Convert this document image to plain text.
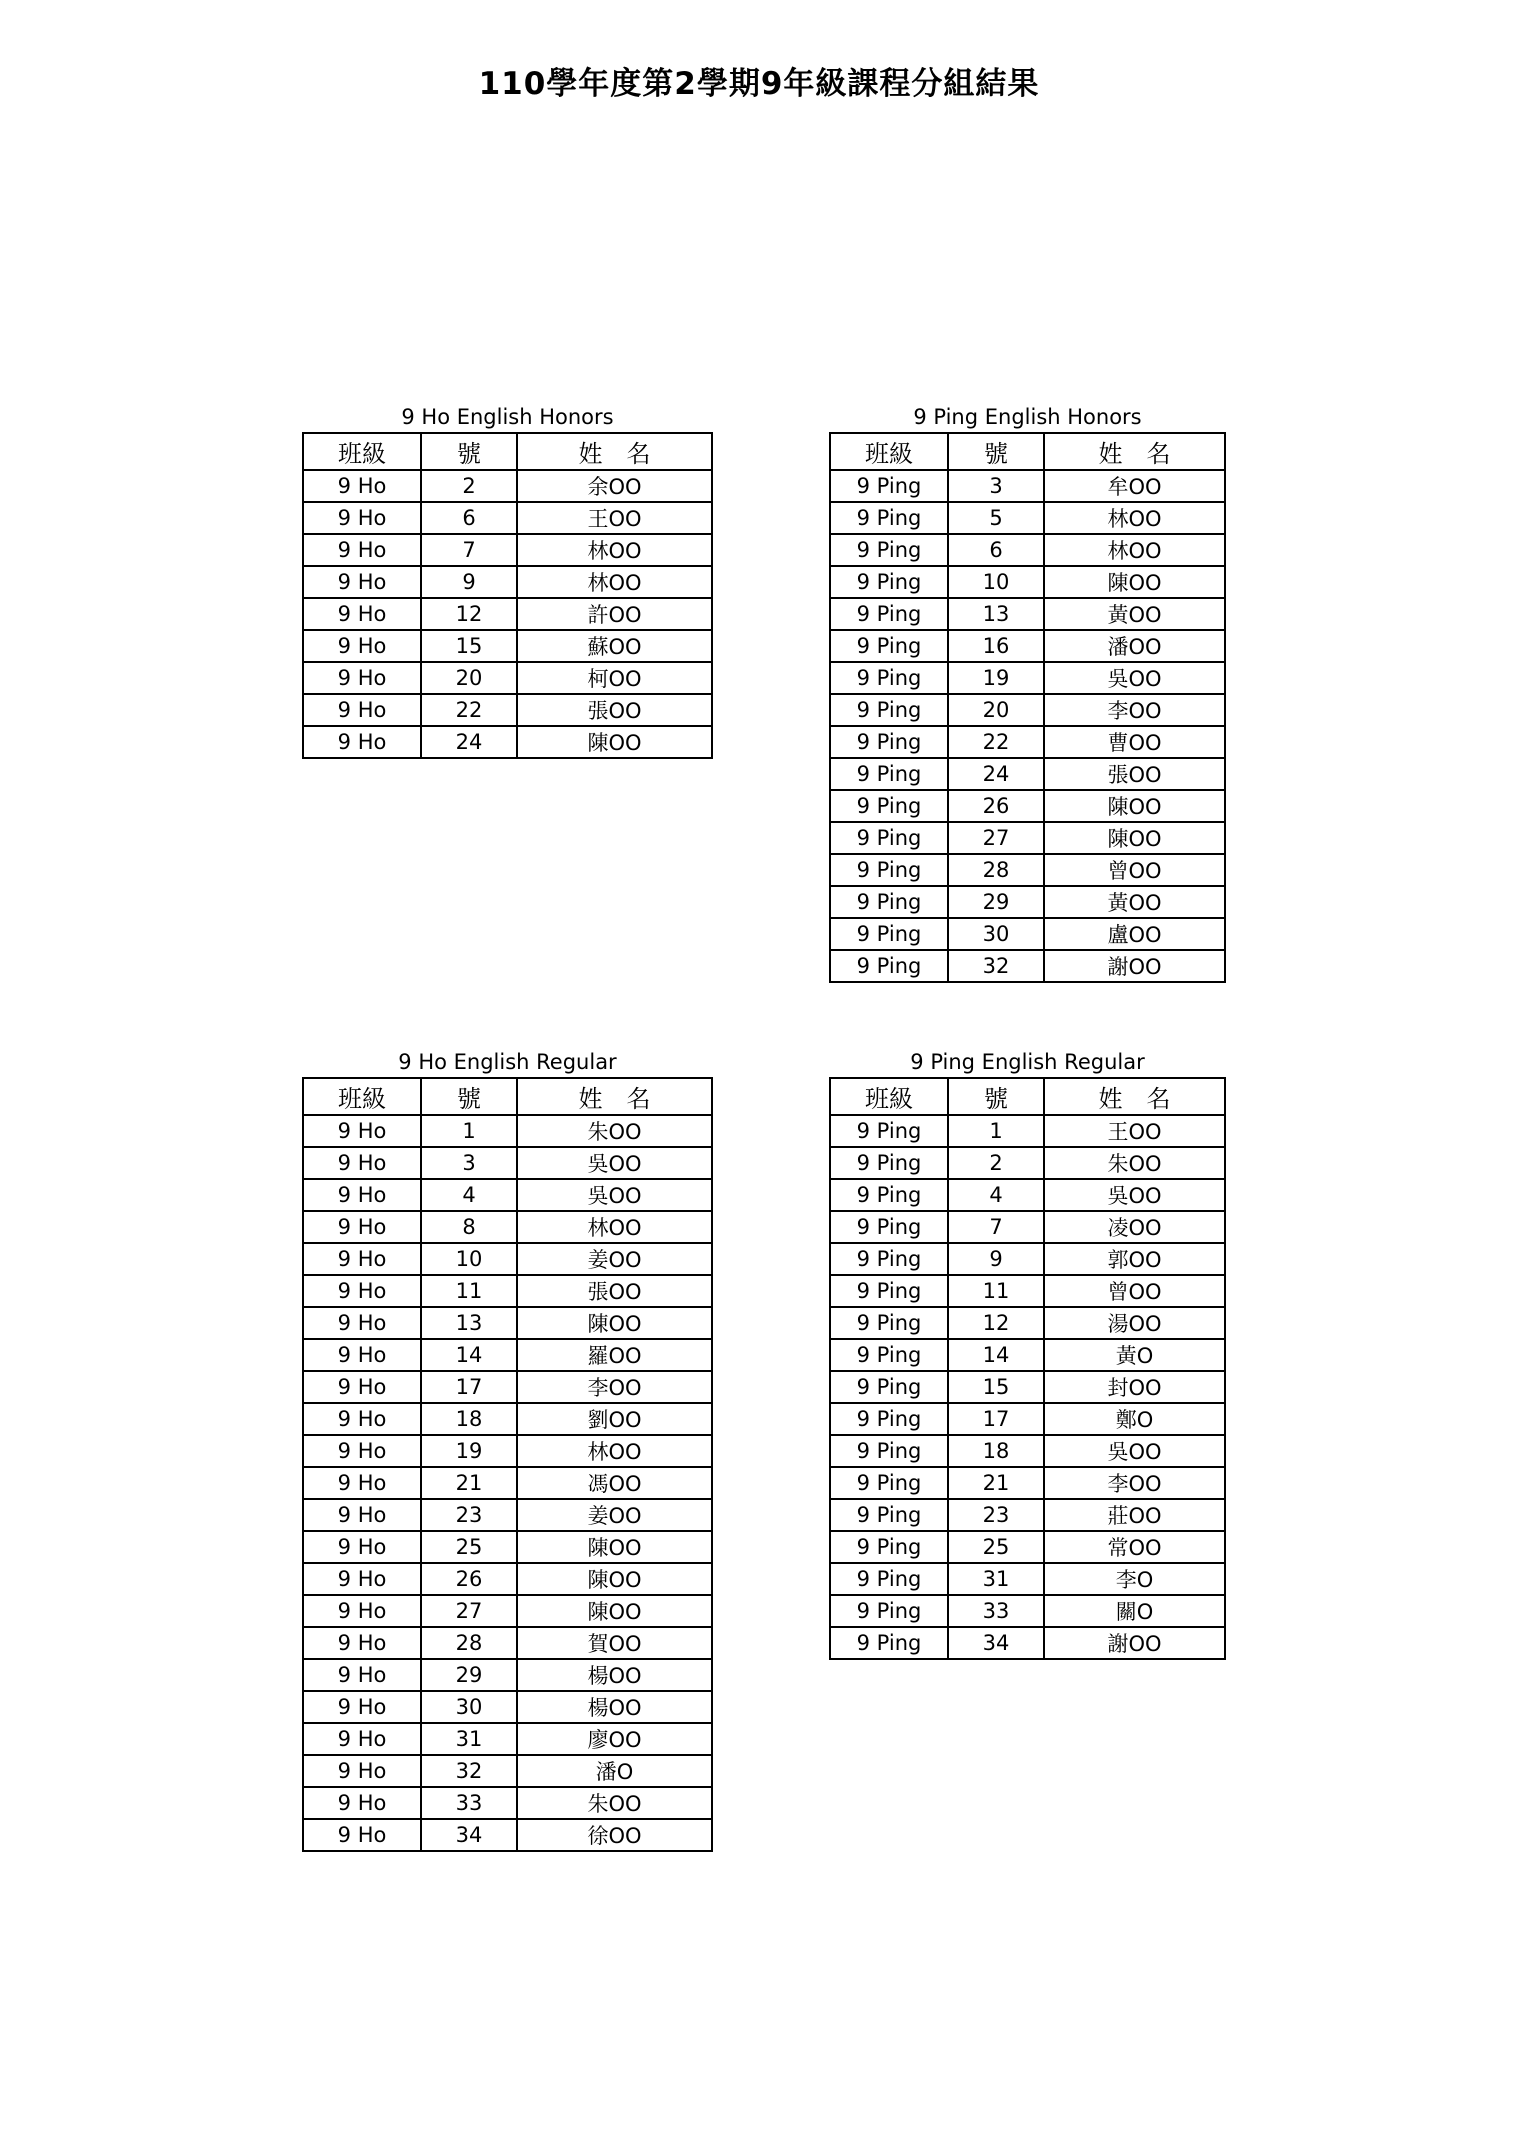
110學年度第2學期9年級課程分組結果
9 Ho English Honors
班級	號	姓　名
9 Ho	2	余OO
9 Ho	6	王OO
9 Ho	7	林OO
9 Ho	9	林OO
9 Ho	12	許OO
9 Ho	15	蘇OO
9 Ho	20	柯OO
9 Ho	22	張OO
9 Ho	24	陳OO
9 Ping English Honors
班級	號	姓　名
9 Ping	3	牟OO
9 Ping	5	林OO
9 Ping	6	林OO
9 Ping	10	陳OO
9 Ping	13	黃OO
9 Ping	16	潘OO
9 Ping	19	吳OO
9 Ping	20	李OO
9 Ping	22	曹OO
9 Ping	24	張OO
9 Ping	26	陳OO
9 Ping	27	陳OO
9 Ping	28	曾OO
9 Ping	29	黃OO
9 Ping	30	盧OO
9 Ping	32	謝OO
9 Ho English Regular
班級	號	姓　名
9 Ho	1	朱OO
9 Ho	3	吳OO
9 Ho	4	吳OO
9 Ho	8	林OO
9 Ho	10	姜OO
9 Ho	11	張OO
9 Ho	13	陳OO
9 Ho	14	羅OO
9 Ho	17	李OO
9 Ho	18	劉OO
9 Ho	19	林OO
9 Ho	21	馮OO
9 Ho	23	姜OO
9 Ho	25	陳OO
9 Ho	26	陳OO
9 Ho	27	陳OO
9 Ho	28	賀OO
9 Ho	29	楊OO
9 Ho	30	楊OO
9 Ho	31	廖OO
9 Ho	32	潘O
9 Ho	33	朱OO
9 Ho	34	徐OO
9 Ping English Regular
班級	號	姓　名
9 Ping	1	王OO
9 Ping	2	朱OO
9 Ping	4	吳OO
9 Ping	7	凌OO
9 Ping	9	郭OO
9 Ping	11	曾OO
9 Ping	12	湯OO
9 Ping	14	黃O
9 Ping	15	封OO
9 Ping	17	鄭O
9 Ping	18	吳OO
9 Ping	21	李OO
9 Ping	23	莊OO
9 Ping	25	常OO
9 Ping	31	李O
9 Ping	33	關O
9 Ping	34	謝OO
